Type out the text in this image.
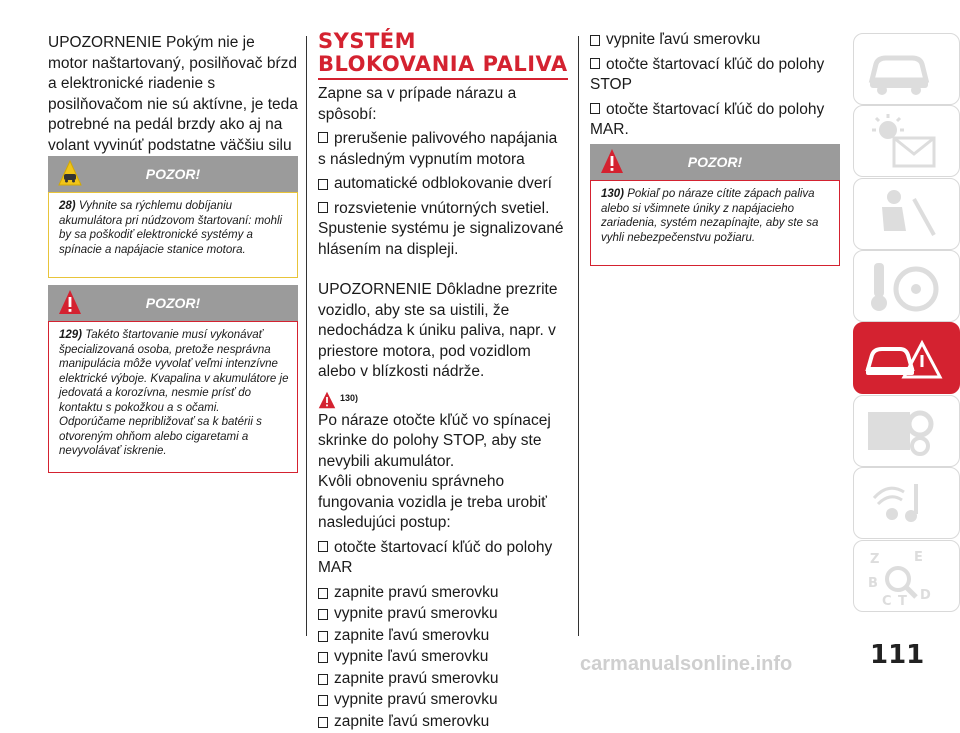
UPOZORNENIE Pokým nie je motor naštartovaný, posilňovač bŕzd a elektronické riadenie s posilňovačom nie sú aktívne, je teda potrebné na pedál brzdy ako aj na volant vyvinúť podstatne väčšiu silu

POZOR!

28) Vyhnite sa rýchlemu dobíjaniu akumulátora pri núdzovom štartovaní: mohli by sa poškodiť elektronické systémy a spínacie a napájacie stanice motora.

POZOR!

129) Takéto štartovanie musí vykonávať špecializovaná osoba, pretože nesprávna manipulácia môže vyvolať veľmi intenzívne elektrické výboje. Kvapalina v akumulátore je jedovatá a korozívna, nesmie prísť do kontaktu s pokožkou a s očami. Odporúčame nepribližovať sa k batérii s otvoreným ohňom alebo cigaretami a nevyvolávať iskrenie.

SYSTÉM

BLOKOVANIA PALIVA

Zapne sa v prípade nárazu a spôsobí:

prerušenie palivového napájania s následným vypnutím motora

automatické odblokovanie dverí

rozsvietenie vnútorných svetiel. Spustenie systému je signalizované hlásením na displeji.

UPOZORNENIE Dôkladne prezrite vozidlo, aby ste sa uistili, že nedochádza k úniku paliva, napr. v priestore motora, pod vozidlom alebo v blízkosti nádrže.

130)

Po náraze otočte kľúč vo spínacej skrinke do polohy STOP, aby ste nevybili akumulátor.

Kvôli obnoveniu správneho fungovania vozidla je treba urobiť nasledujúci postup:

otočte štartovací kľúč do polohy MAR

zapnite pravú smerovku

vypnite pravú smerovku

zapnite ľavú smerovku

vypnite ľavú smerovku

zapnite pravú smerovku

vypnite pravú smerovku

zapnite ľavú smerovku

vypnite ľavú smerovku

otočte štartovací kľúč do polohy STOP

otočte štartovací kľúč do polohy MAR.

POZOR!

130) Pokiaľ po náraze cítite zápach paliva alebo si všimnete úniky z napájacieho zariadenia, systém nezapínajte, aby ste sa vyhli nebezpečenstvu požiaru.

Z	E
B
C T D
111
carmanualsonline.info
